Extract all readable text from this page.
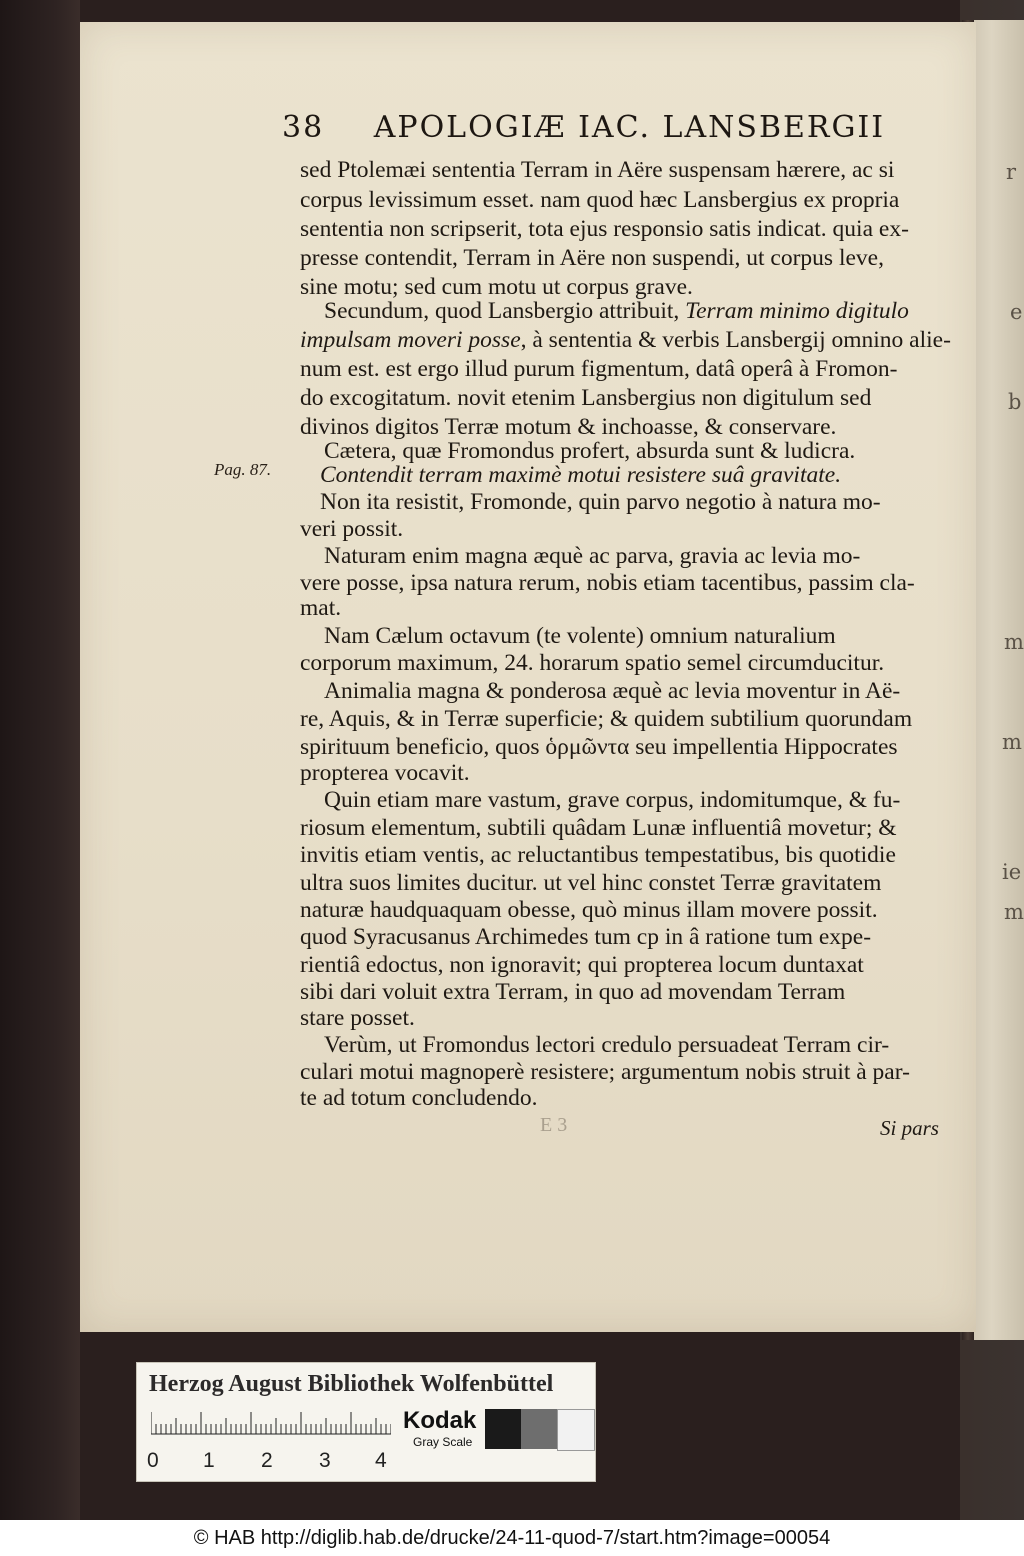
r
e
b
m
m
ie
m
38 APOLOGIÆ IAC. LANSBERGII
Pag. 87.
sed Ptolemæi sententia Terram in Aëre suspensam hærere, ac si
corpus levissimum esset. nam quod hæc Lansbergius ex propria
sententia non scripserit, tota ejus responsio satis indicat. quia ex-
presse contendit, Terram in Aëre non suspendi, ut corpus leve,
sine motu; sed cum motu ut corpus grave.
Secundum, quod Lansbergio attribuit, Terram minimo digitulo
impulsam moveri posse, à sententia & verbis Lansbergij omnino alie-
num est. est ergo illud purum figmentum, datâ operâ à Fromon-
do excogitatum. novit etenim Lansbergius non digitulum sed
divinos digitos Terræ motum & inchoasse, & conservare.
Cætera, quæ Fromondus profert, absurda sunt & ludicra.
Contendit terram maximè motui resistere suâ gravitate.
Non ita resistit, Fromonde, quin parvo negotio à natura mo-
veri possit.
Naturam enim magna æquè ac parva, gravia ac levia mo-
vere posse, ipsa natura rerum, nobis etiam tacentibus, passim cla-
mat.
Nam Cælum octavum (te volente) omnium naturalium
corporum maximum, 24. horarum spatio semel circumducitur.
Animalia magna & ponderosa æquè ac levia moventur in Aë-
re, Aquis, & in Terræ superficie; & quidem subtilium quorundam
spirituum beneficio, quos ὁρμῶντα seu impellentia Hippocrates
propterea vocavit.
Quin etiam mare vastum, grave corpus, indomitumque, & fu-
riosum elementum, subtili quâdam Lunæ influentiâ movetur; &
invitis etiam ventis, ac reluctantibus tempestatibus, bis quotidie
ultra suos limites ducitur. ut vel hinc constet Terræ gravitatem
naturæ haudquaquam obesse, quò minus illam movere possit.
quod Syracusanus Archimedes tum cp in â ratione tum expe-
rientiâ edoctus, non ignoravit; qui propterea locum duntaxat
sibi dari voluit extra Terram, in quo ad movendam Terram
stare posset.
Verùm, ut Fromondus lectori credulo persuadeat Terram cir-
culari motui magnoperè resistere; argumentum nobis struit à par-
te ad totum concludendo.
E 3	Si pars
Herzog August Bibliothek Wolfenbüttel
0 1 2 3 4
Kodak
Gray Scale
© HAB http://diglib.hab.de/drucke/24-11-quod-7/start.htm?image=00054
